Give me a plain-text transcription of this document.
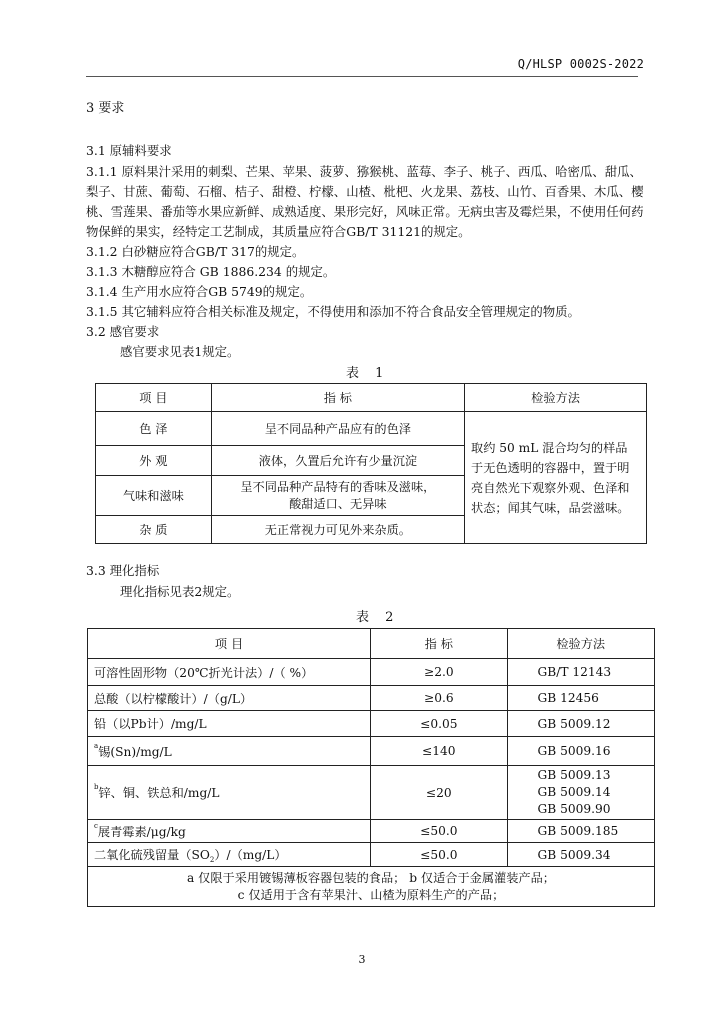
Q/HLSP 0002S-2022
3 要求
3.1 原辅料要求
3.1.1 原料果汁采用的刺梨、芒果、苹果、菠萝、猕猴桃、蓝莓、李子、桃子、西瓜、哈密瓜、甜瓜、
梨子、甘蔗、葡萄、石榴、桔子、甜橙、柠檬、山楂、枇杷、火龙果、荔枝、山竹、百香果、木瓜、樱
桃、雪莲果、番茄等水果应新鲜、成熟适度、果形完好，风味正常。无病虫害及霉烂果，不使用任何药
物保鲜的果实，经特定工艺制成，其质量应符合GB/T 31121的规定。
3.1.2 白砂糖应符合GB/T 317的规定。
3.1.3 木糖醇应符合 GB 1886.234 的规定。
3.1.4 生产用水应符合GB 5749的规定。
3.1.5 其它辅料应符合相关标准及规定，不得使用和添加不符合食品安全管理规定的物质。
3.2 感官要求
感官要求见表1规定。
表 1
项 目	指 标	检验方法
色 泽	呈不同品种产品应有的色泽	取约 50 mL 混合均匀的样品
于无色透明的容器中，置于明
亮自然光下观察外观、色泽和
状态；闻其气味，品尝滋味。

外 观	液体，久置后允许有少量沉淀	
气味和滋味	呈不同品种产品特有的香味及滋味，
酸甜适口、无异味	

杂 质	无正常视力可见外来杂质。	
3.3 理化指标
理化指标见表2规定。
表 2
项 目	指 标	检验方法
可溶性固形物（20℃折光计法）/（ %）	≥2.0	GB/T 12143
总酸（以柠檬酸计）/（g/L）	≥0.6	GB 12456
铅（以Pb计）/mg/L	≤0.05	GB 5009.12
$^a$锡(Sn)/mg/L	≤140	GB 5009.16
$^b$锌、铜、铁总和/mg/L	≤20	GB 5009.13
GB 5009.14
GB 5009.90

$^c$展青霉素/μg/kg	≤50.0	GB 5009.185
二氧化硫残留量$(SO_2)/(mg/L)$	≤50.0	GB 5009.34

a 仅限于采用镀锡薄板容器包装的食品； b 仅适合于金属灌装产品；
c 仅适用于含有苹果汁、山楂为原料生产的产品；		
3
